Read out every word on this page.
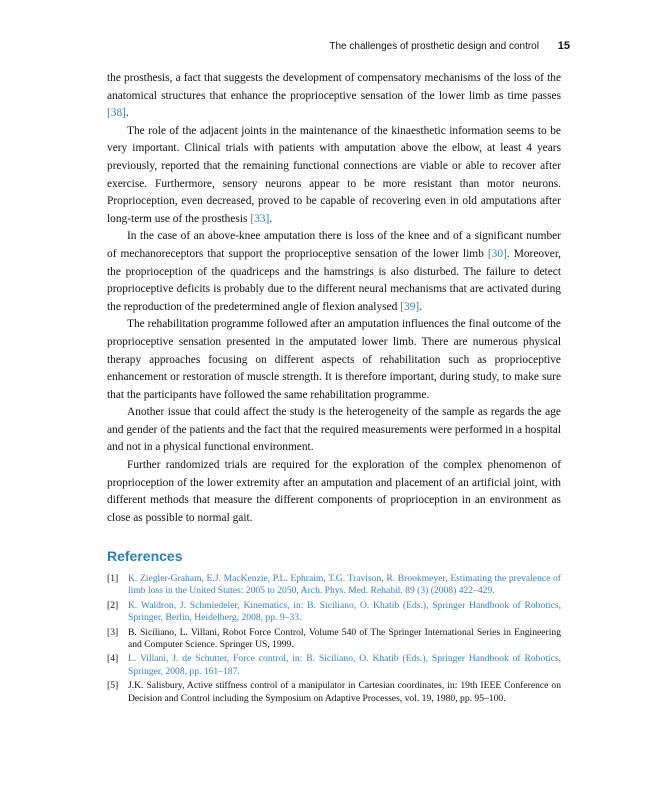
The challenges of prosthetic design and control 15

the prosthesis, a fact that suggests the development of compensatory mechanisms of the loss of the anatomical structures that enhance the proprioceptive sensation of the lower limb as time passes [38].

The role of the adjacent joints in the maintenance of the kinaesthetic information seems to be very important. Clinical trials with patients with amputation above the elbow, at least 4 years previously, reported that the remaining functional connections are viable or able to recover after exercise. Furthermore, sensory neurons appear to be more resistant than motor neurons. Proprioception, even decreased, proved to be capable of recovering even in old amputations after long-term use of the prosthesis [33].

In the case of an above-knee amputation there is loss of the knee and of a significant number of mechanoreceptors that support the proprioceptive sensation of the lower limb [30]. Moreover, the proprioception of the quadriceps and the hamstrings is also disturbed. The failure to detect proprioceptive deficits is probably due to the different neural mechanisms that are activated during the reproduction of the predetermined angle of flexion analysed [39].

The rehabilitation programme followed after an amputation influences the final outcome of the proprioceptive sensation presented in the amputated lower limb. There are numerous physical therapy approaches focusing on different aspects of rehabilitation such as proprioceptive enhancement or restoration of muscle strength. It is therefore important, during study, to make sure that the participants have followed the same rehabilitation programme.

Another issue that could affect the study is the heterogeneity of the sample as regards the age and gender of the patients and the fact that the required measurements were performed in a hospital and not in a physical functional environment.

Further randomized trials are required for the exploration of the complex phenomenon of proprioception of the lower extremity after an amputation and placement of an artificial joint, with different methods that measure the different components of proprioception in an environment as close as possible to normal gait.

References
[1]	K. Ziegler-Graham, E.J. MacKenzie, P.L. Ephraim, T.G. Travison, R. Brookmeyer, Estimating the prevalence of limb loss in the United States: 2005 to 2050, Arch. Phys. Med. Rehabil. 89 (3) (2008) 422–429.
[2]	K. Waldron, J. Schmiedeler, Kinematics, in: B. Siciliano, O. Khatib (Eds.), Springer Handbook of Robotics, Springer, Berlin, Heidelberg, 2008, pp. 9–33.
[3]	B. Siciliano, L. Villani, Robot Force Control, Volume 540 of The Springer International Series in Engineering and Computer Science. Springer US, 1999.
[4]	L. Villani, J. de Schutter, Force control, in: B. Siciliano, O. Khatib (Eds.), Springer Handbook of Robotics, Springer, 2008, pp. 161–187.
[5]	J.K. Salisbury, Active stiffness control of a manipulator in Cartesian coordinates, in: 19th IEEE Conference on Decision and Control including the Symposium on Adaptive Processes, vol. 19, 1980, pp. 95–100.
